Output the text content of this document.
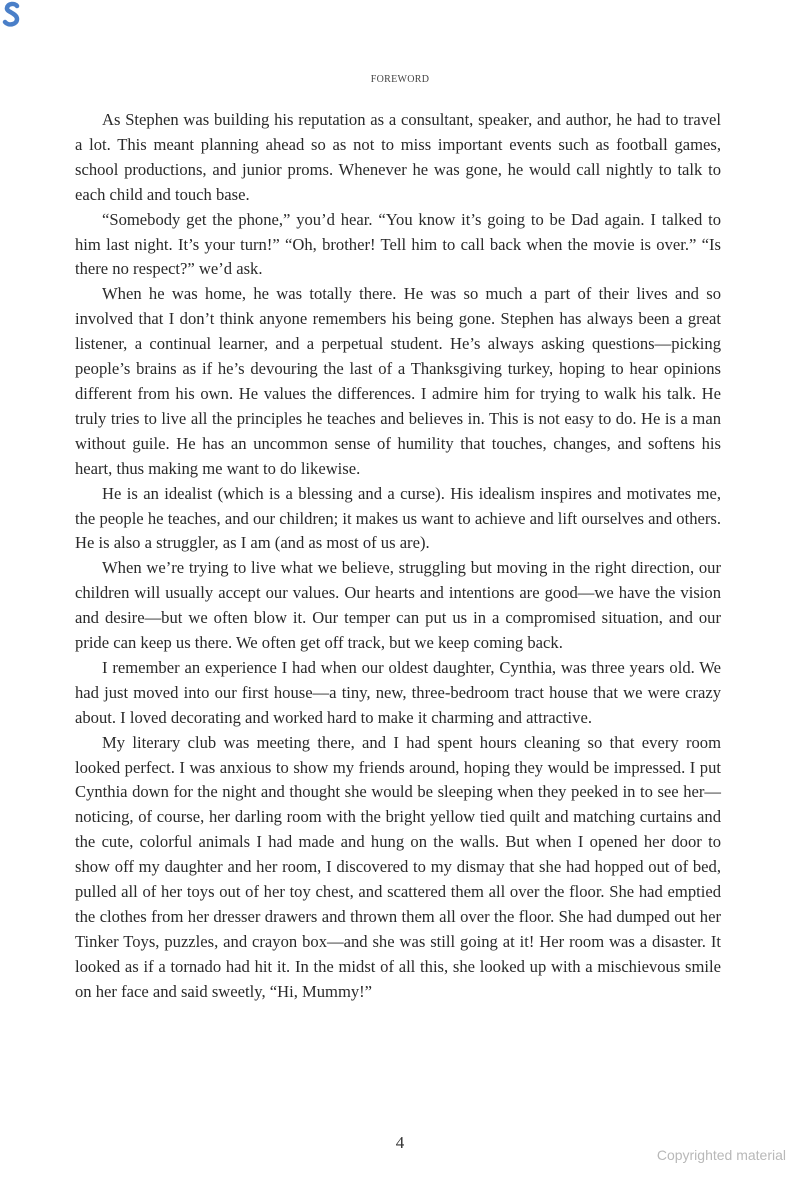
FOREWORD

As Stephen was building his reputation as a consultant, speaker, and author, he had to travel a lot. This meant planning ahead so as not to miss important events such as football games, school productions, and junior proms. Whenever he was gone, he would call nightly to talk to each child and touch base.

“Somebody get the phone,” you’d hear. “You know it’s going to be Dad again. I talked to him last night. It’s your turn!” “Oh, brother! Tell him to call back when the movie is over.” “Is there no respect?” we’d ask.

When he was home, he was totally there. He was so much a part of their lives and so involved that I don’t think anyone remembers his being gone. Stephen has always been a great listener, a continual learner, and a perpetual student. He’s always asking questions—picking people’s brains as if he’s devouring the last of a Thanksgiving turkey, hoping to hear opinions different from his own. He values the differences. I admire him for trying to walk his talk. He truly tries to live all the principles he teaches and believes in. This is not easy to do. He is a man without guile. He has an uncommon sense of humility that touches, changes, and softens his heart, thus making me want to do likewise.

He is an idealist (which is a blessing and a curse). His idealism inspires and motivates me, the people he teaches, and our children; it makes us want to achieve and lift ourselves and others. He is also a struggler, as I am (and as most of us are).

When we’re trying to live what we believe, struggling but moving in the right direction, our children will usually accept our values. Our hearts and intentions are good—we have the vision and desire—but we often blow it. Our temper can put us in a compromised situation, and our pride can keep us there. We often get off track, but we keep coming back.

I remember an experience I had when our oldest daughter, Cynthia, was three years old. We had just moved into our first house—a tiny, new, three-bedroom tract house that we were crazy about. I loved decorating and worked hard to make it charming and attractive.

My literary club was meeting there, and I had spent hours cleaning so that every room looked perfect. I was anxious to show my friends around, hoping they would be impressed. I put Cynthia down for the night and thought she would be sleeping when they peeked in to see her—noticing, of course, her darling room with the bright yellow tied quilt and matching curtains and the cute, colorful animals I had made and hung on the walls. But when I opened her door to show off my daughter and her room, I discovered to my dismay that she had hopped out of bed, pulled all of her toys out of her toy chest, and scattered them all over the floor. She had emptied the clothes from her dresser drawers and thrown them all over the floor. She had dumped out her Tinker Toys, puzzles, and crayon box—and she was still going at it! Her room was a disaster. It looked as if a tornado had hit it. In the midst of all this, she looked up with a mischievous smile on her face and said sweetly, “Hi, Mummy!”

4
Copyrighted material
